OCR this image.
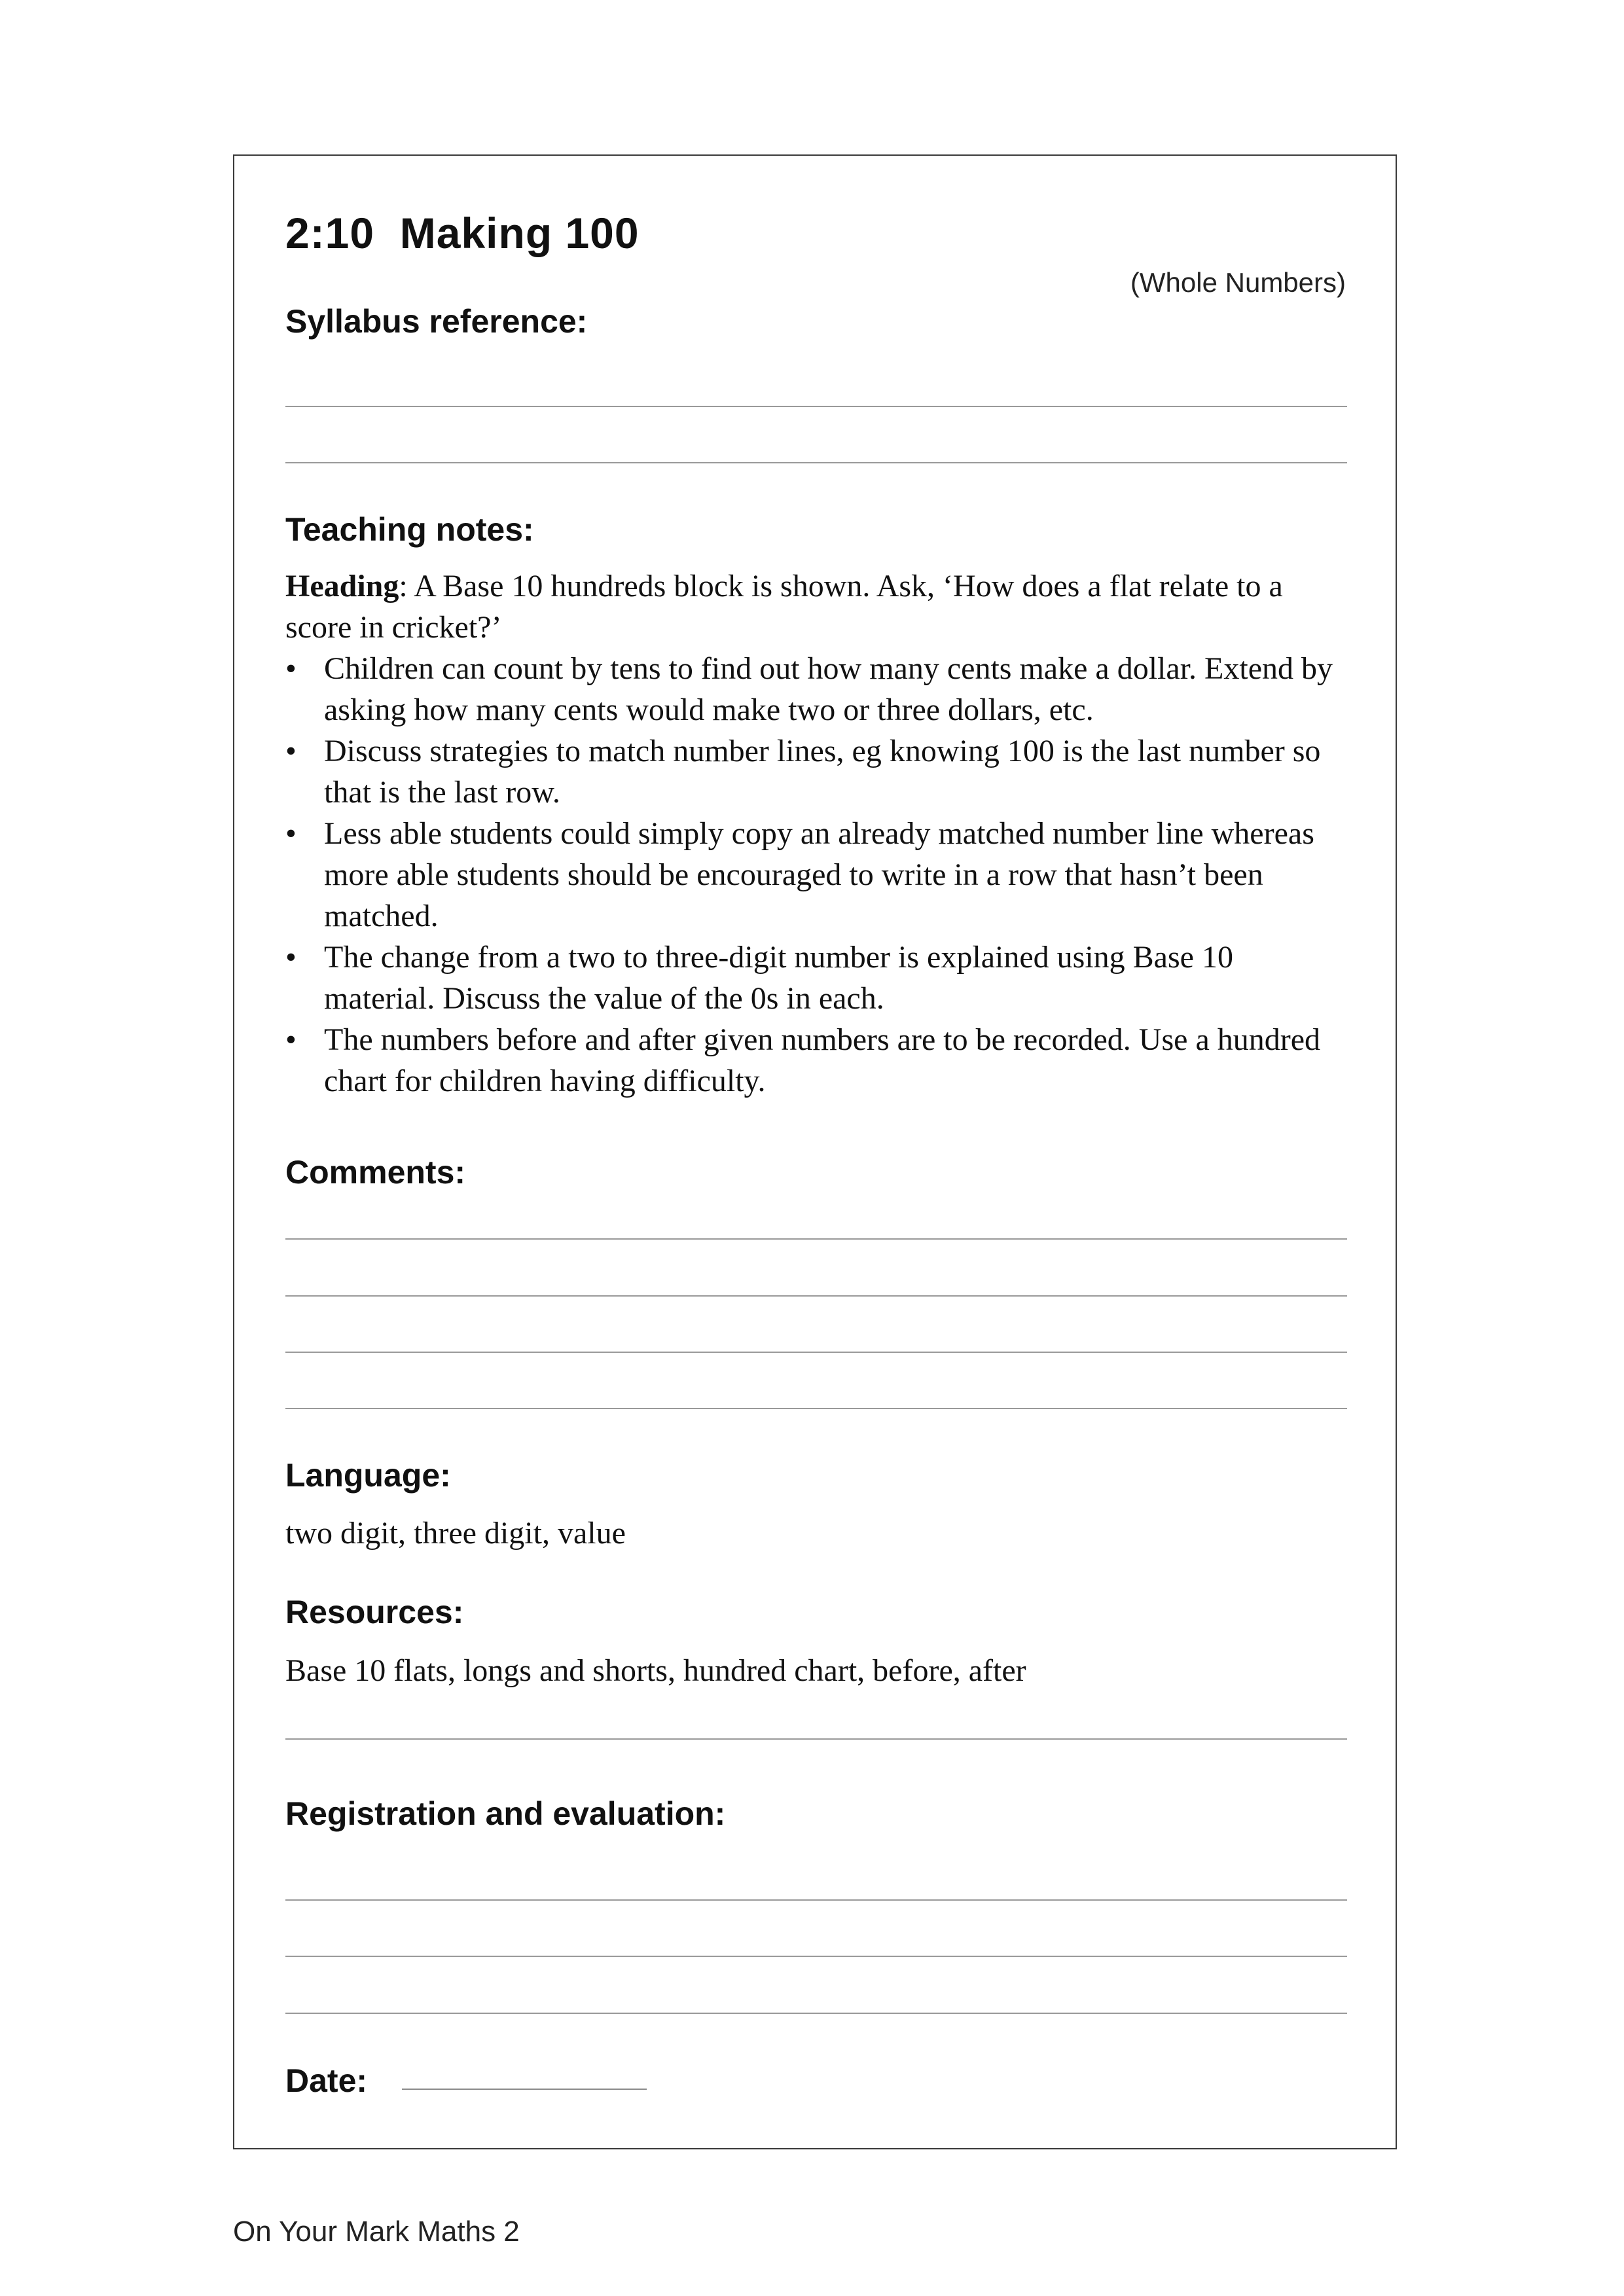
2:10  Making 100
(Whole Numbers)
Syllabus reference:
Teaching notes:
Heading: A Base 10 hundreds block is shown. Ask, ‘How does a flat relate to a score in cricket?’
• Children can count by tens to find out how many cents make a dollar. Extend by asking how many cents would make two or three dollars, etc.
• Discuss strategies to match number lines, eg knowing 100 is the last number so that is the last row.
• Less able students could simply copy an already matched number line whereas more able students should be encouraged to write in a row that hasn’t been matched.
• The change from a two to three-digit number is explained using Base 10 material. Discuss the value of the 0s in each.
• The numbers before and after given numbers are to be recorded. Use a hundred chart for children having difficulty.
Comments:
Language:
two digit, three digit, value
Resources:
Base 10 flats, longs and shorts, hundred chart, before, after
Registration and evaluation:
Date:
On Your Mark Maths 2
